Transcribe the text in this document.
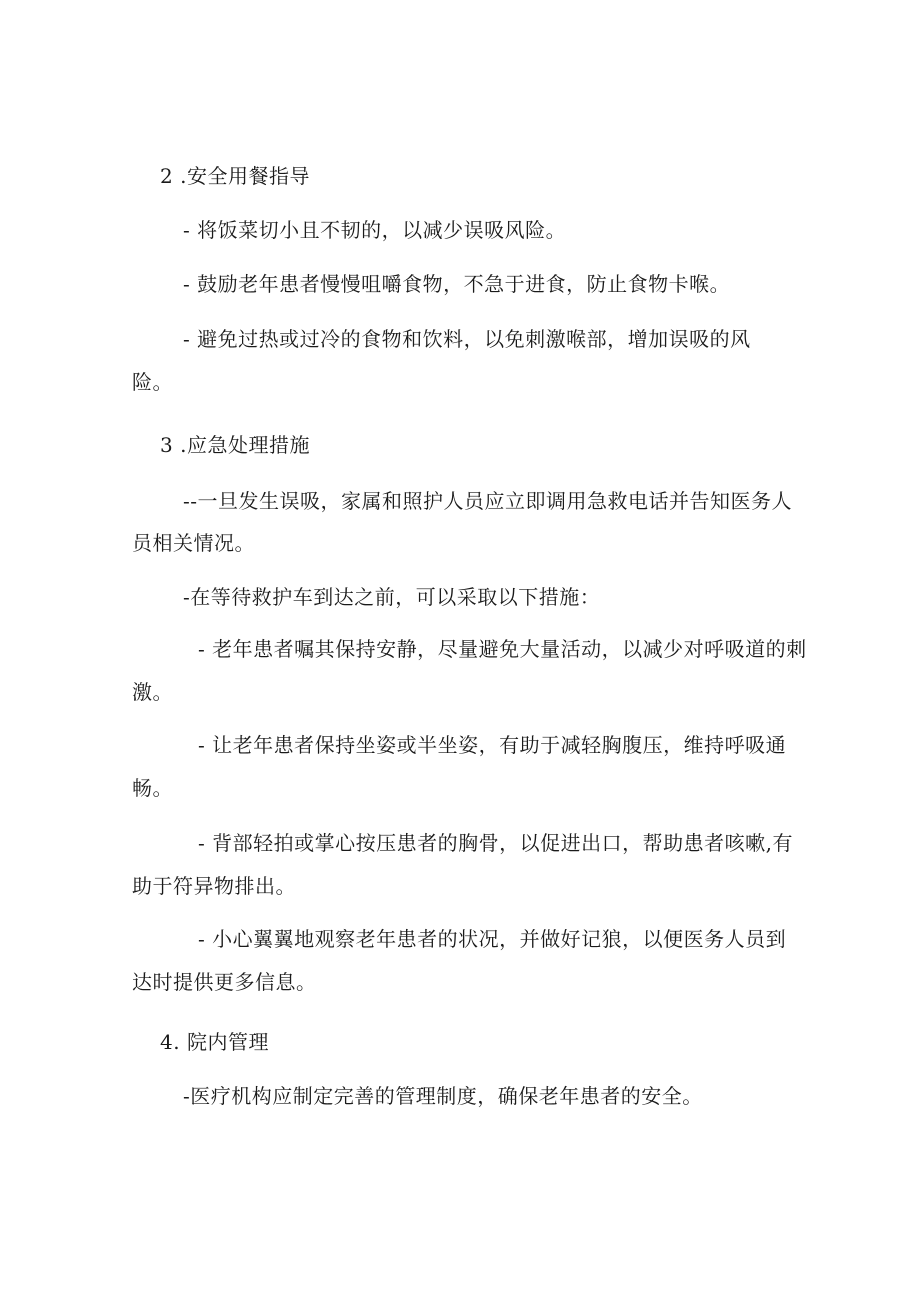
2 .安全用餐指导
- 将饭菜切小且不韧的，以减少误吸风险。
- 鼓励老年患者慢慢咀嚼食物，不急于进食，防止食物卡喉。
- 避免过热或过冷的食物和饮料，以免刺激喉部，增加误吸的风
险。
3 .应急处理措施
--一旦发生误吸，家属和照护人员应立即调用急救电话并告知医务人
员相关情况。
-在等待救护车到达之前，可以采取以下措施：
- 老年患者嘱其保持安静，尽量避免大量活动，以减少对呼吸道的刺
激。
- 让老年患者保持坐姿或半坐姿，有助于减轻胸腹压，维持呼吸通
畅。
- 背部轻拍或掌心按压患者的胸骨，以促进出口，帮助患者咳嗽,有
助于符异物排出。
- 小心翼翼地观察老年患者的状况，并做好记狼，以便医务人员到
达时提供更多信息。
4. 院内管理
-医疗机构应制定完善的管理制度，确保老年患者的安全。
